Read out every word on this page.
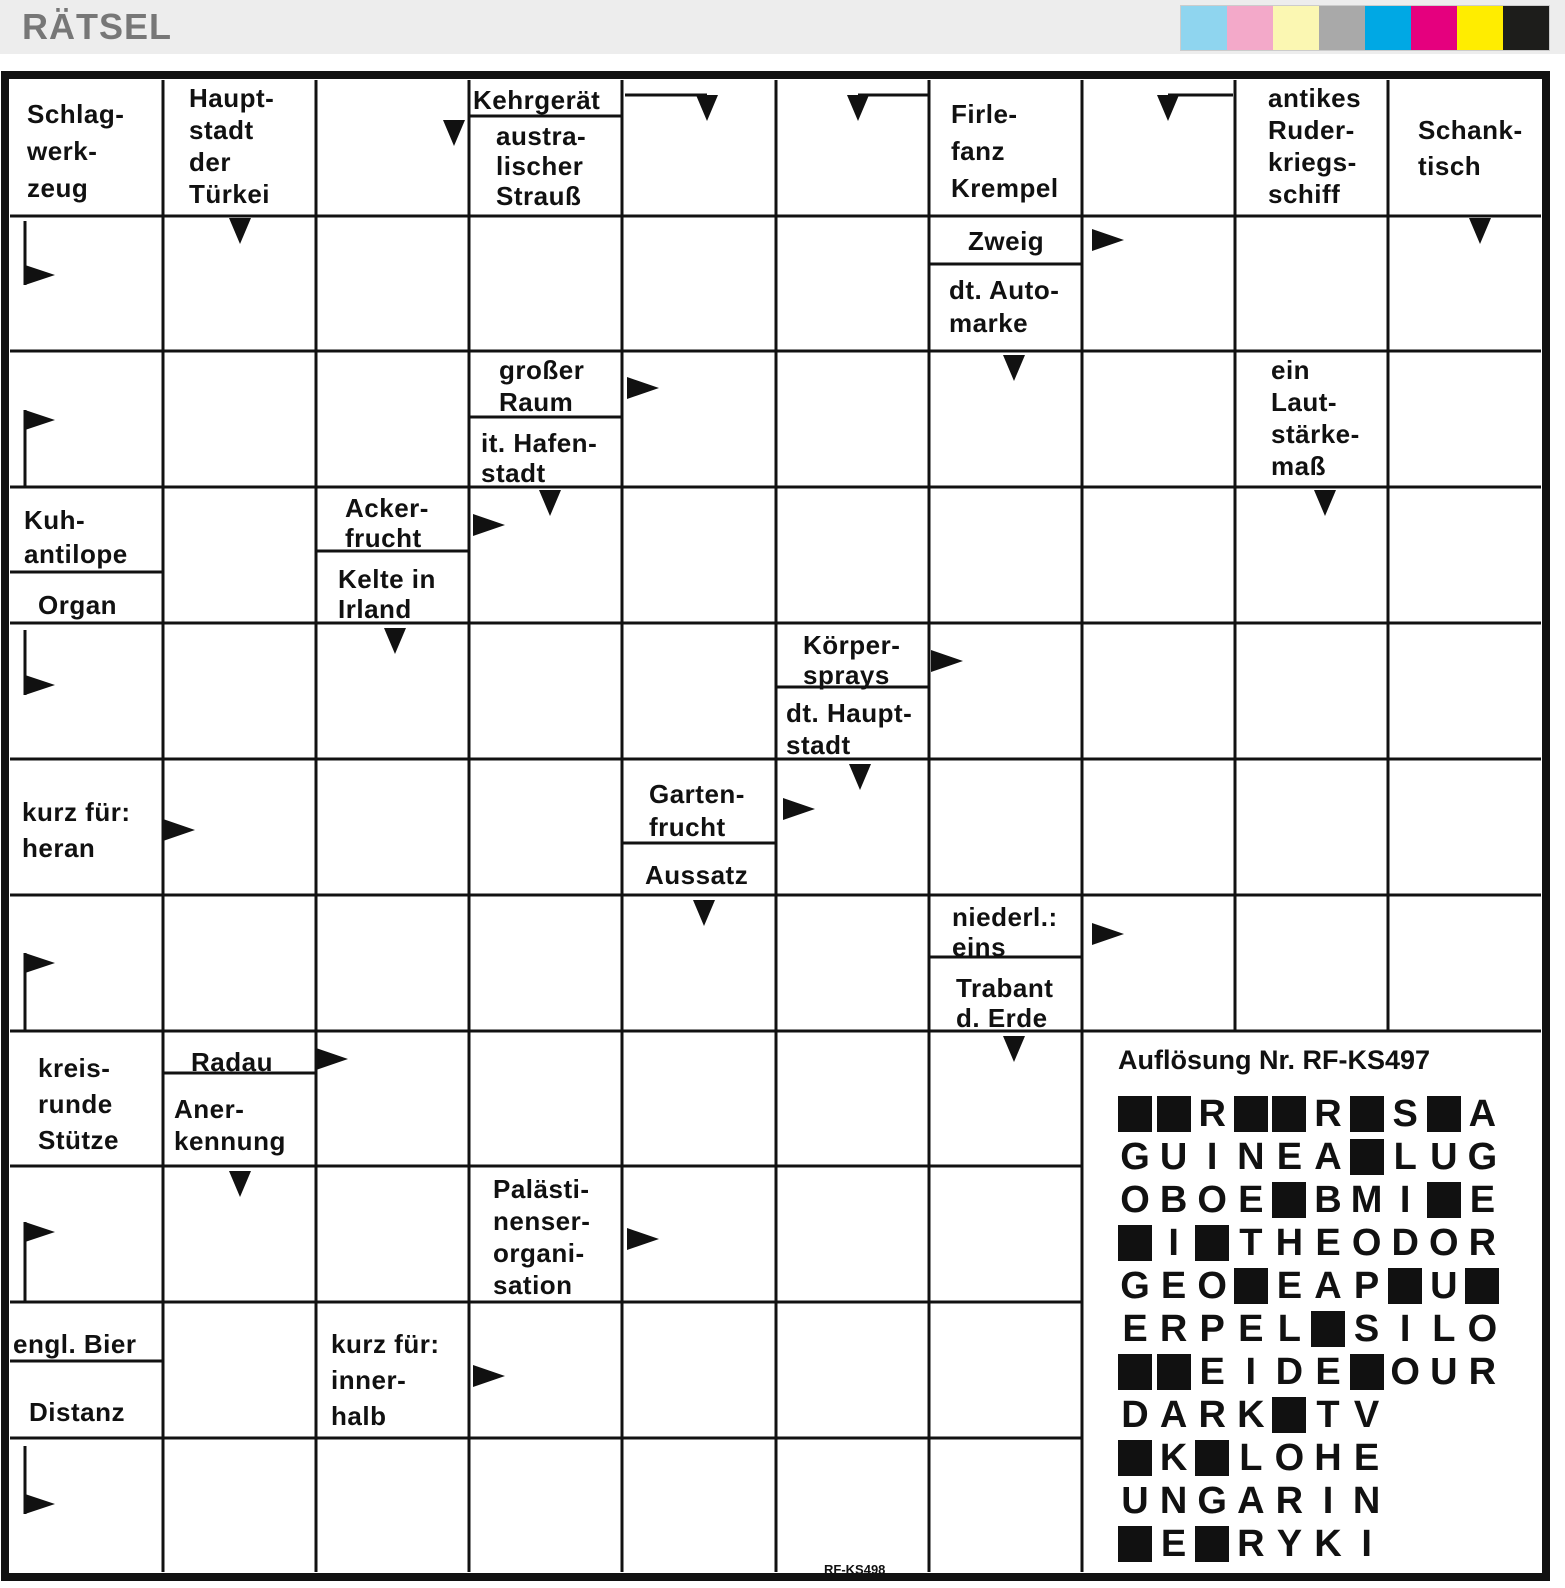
RÄTSEL
Schlag-
werk-
zeug
Haupt-
stadt
der
Türkei
Kehrgerät
austra-
lischer
Strauß
Firle-
fanz
Krempel
antikes
Ruder-
kriegs-
schiff
Schank-
tisch
Zweig
dt. Auto-
marke
großer
Raum
it. Hafen-
stadt
ein
Laut-
stärke-
maß
Kuh-
antilope
Organ
Acker-
frucht
Kelte in
Irland
Körper-
sprays
dt. Haupt-
stadt
kurz für:
heran
Garten-
frucht
Aussatz
niederl.:
eins
Trabant
d. Erde
kreis-
runde
Stütze
Radau
Aner-
kennung
Palästi-
nenser-
organi-
sation
engl. Bier
Distanz
kurz für:
inner-
halb
Auflösung Nr. RF-KS497
R R S A
G U I N E A L U G
O B O E B M I	E
I	T H E O D O R
G E O E A P U
E R P E L S I L O
E I D E O U R
D A R K T V
K L O H E
U N G A R I N
E R Y K I
RF-KS498
